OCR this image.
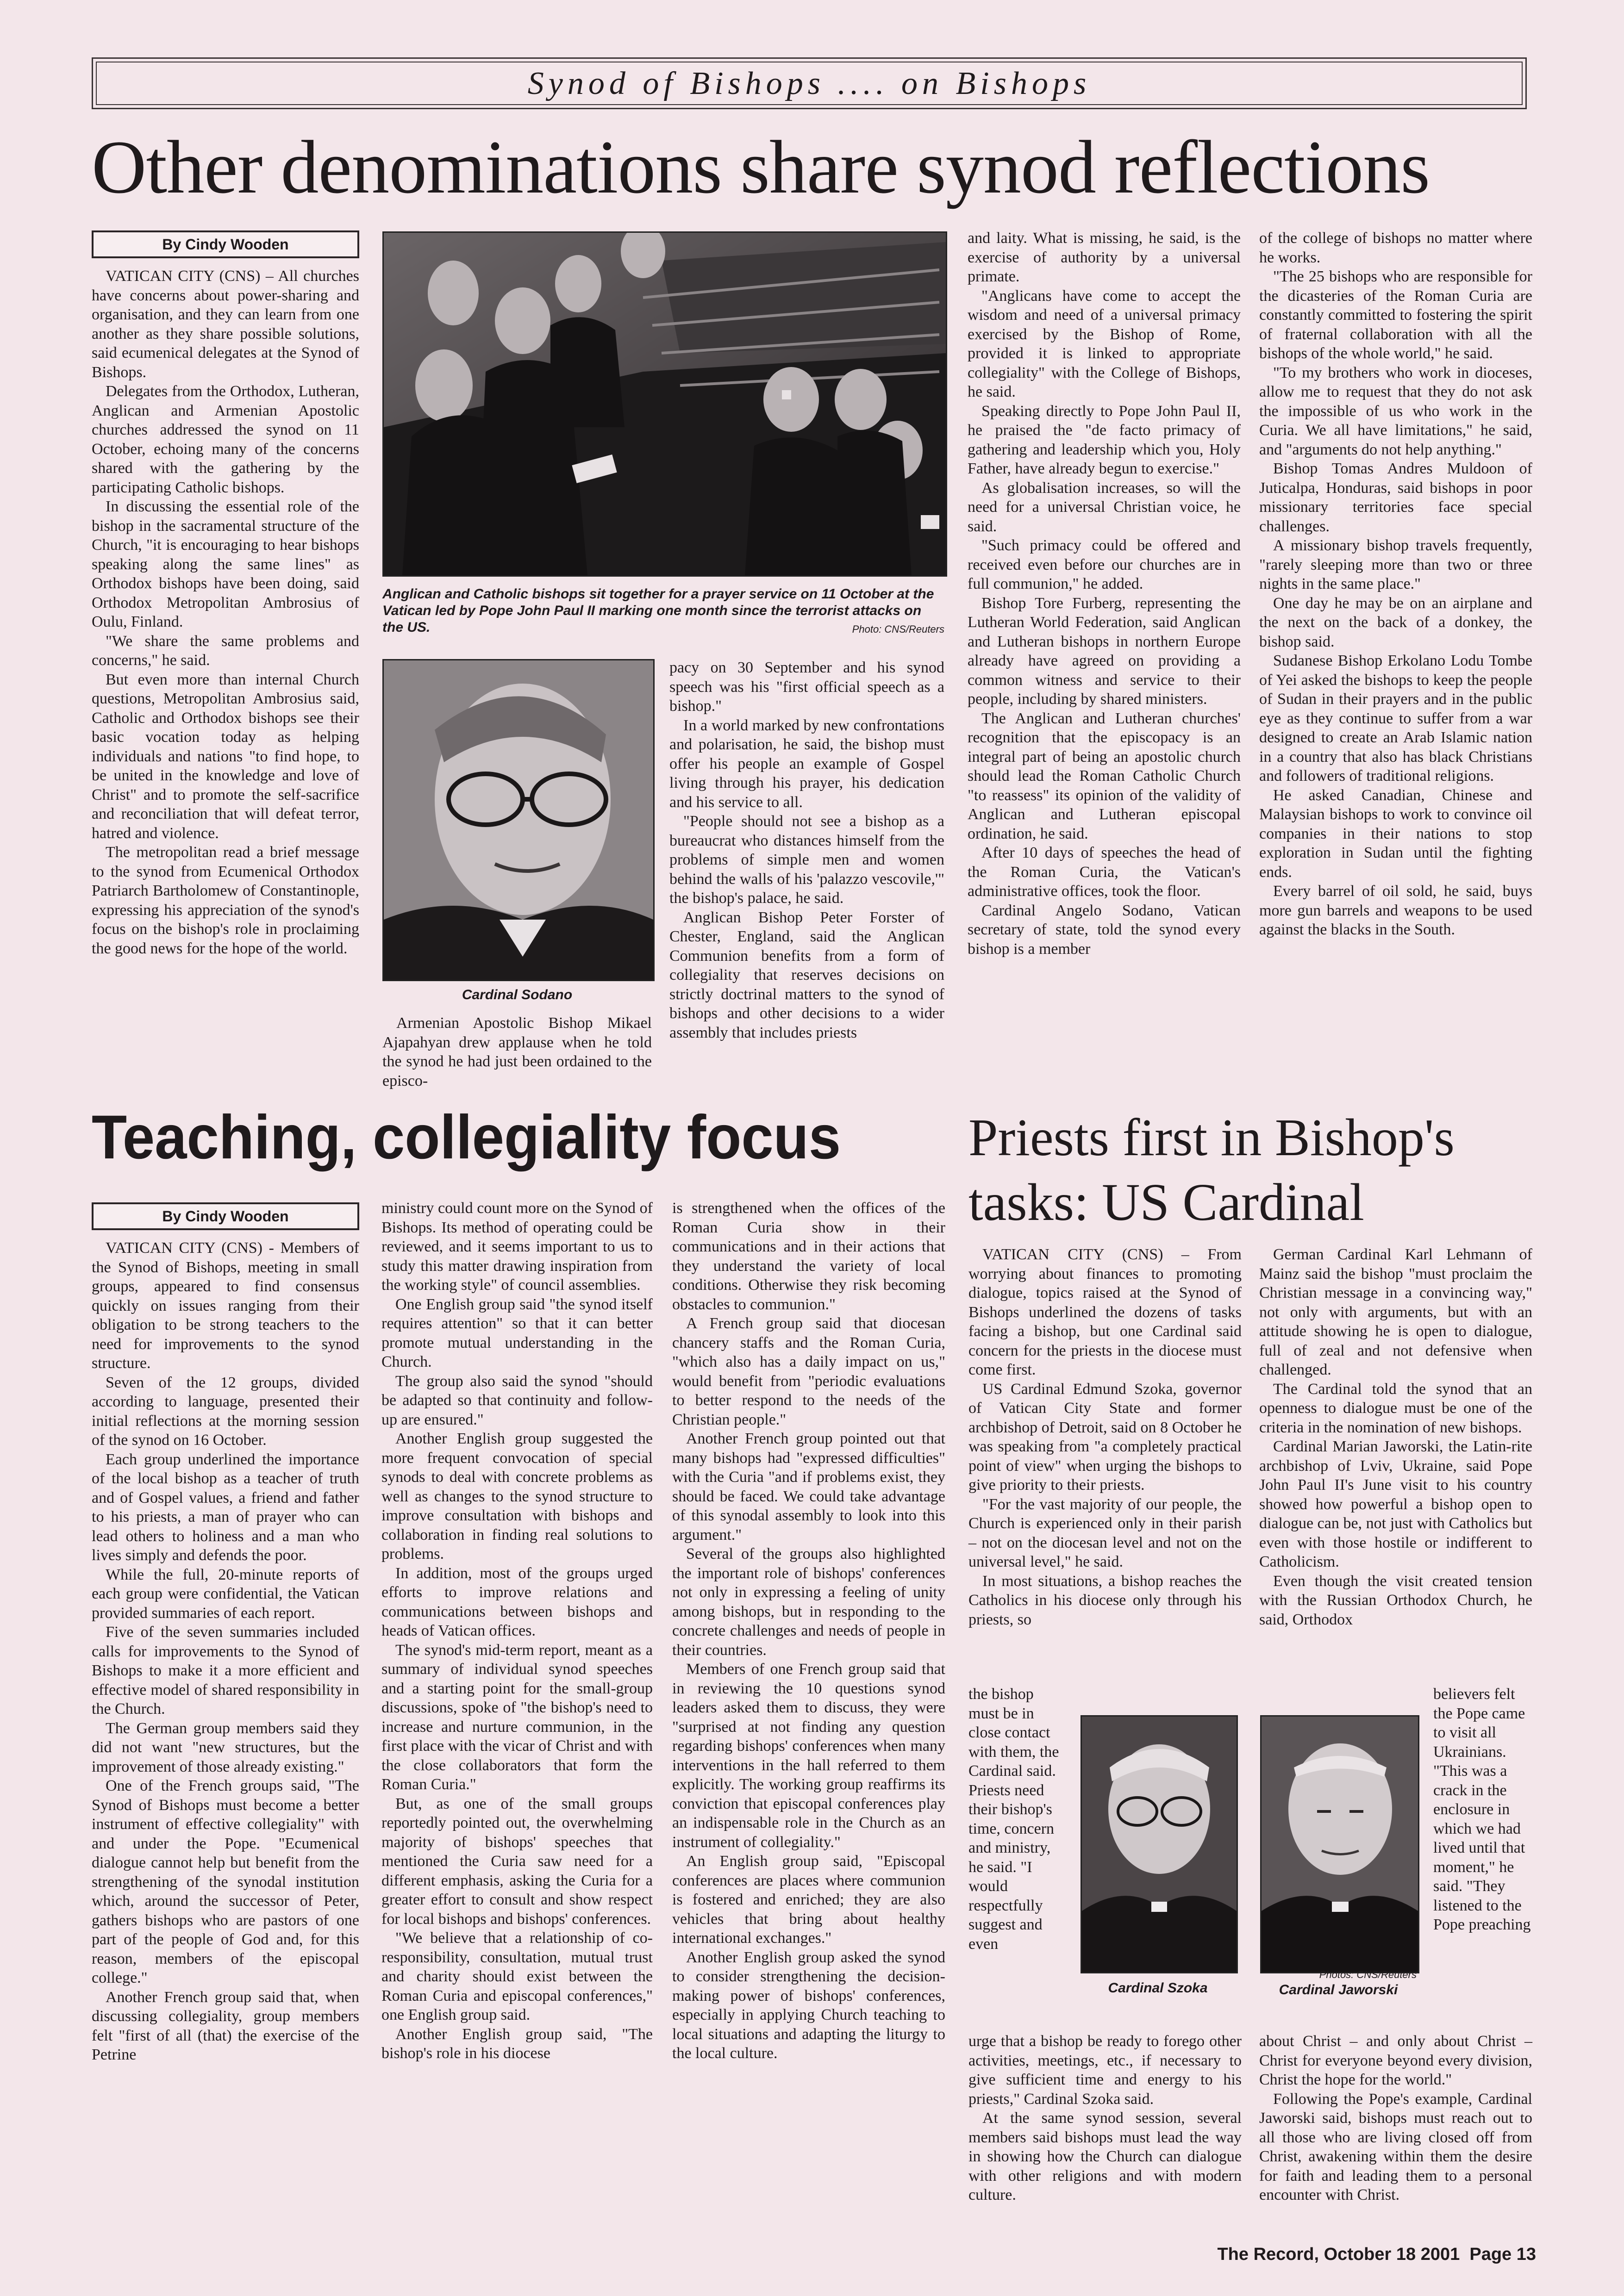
Synod of Bishops .... on Bishops
Other denominations share synod reflections
By Cindy Wooden

VATICAN CITY (CNS) – All churches have concerns about power-sharing and organisation, and they can learn from one another as they share possible solutions, said ecumenical delegates at the Synod of Bishops.

Delegates from the Orthodox, Lutheran, Anglican and Armenian Apostolic churches addressed the synod on 11 October, echoing many of the concerns shared with the gathering by the participating Catholic bishops.

In discussing the essential role of the bishop in the sacramental structure of the Church, "it is encouraging to hear bishops speaking along the same lines" as Orthodox bishops have been doing, said Orthodox Metropolitan Ambrosius of Oulu, Finland.

"We share the same problems and concerns," he said.

But even more than internal Church questions, Metropolitan Ambrosius said, Catholic and Orthodox bishops see their basic vocation today as helping individuals and nations "to find hope, to be united in the knowledge and love of Christ" and to promote the self-sacrifice and reconciliation that will defeat terror, hatred and violence.

The metropolitan read a brief message to the synod from Ecumenical Orthodox Patriarch Bartholomew of Constantinople, expressing his appreciation of the synod's focus on the bishop's role in proclaiming the good news for the hope of the world.

Anglican and Catholic bishops sit together for a prayer service on 11 October at the Vatican led by Pope John Paul II marking one month since the terrorist attacks on the US.	Photo: CNS/Reuters
Cardinal Sodano

Armenian Apostolic Bishop Mikael Ajapahyan drew applause when he told the synod he had just been ordained to the episco-

pacy on 30 September and his synod speech was his "first official speech as a bishop."

In a world marked by new confrontations and polarisation, he said, the bishop must offer his people an example of Gospel living through his prayer, his dedication and his service to all.

"People should not see a bishop as a bureaucrat who distances himself from the problems of simple men and women behind the walls of his 'palazzo vescovile,'" the bishop's palace, he said.

Anglican Bishop Peter Forster of Chester, England, said the Anglican Communion benefits from a form of collegiality that reserves decisions on strictly doctrinal matters to the synod of bishops and other decisions to a wider assembly that includes priests

and laity. What is missing, he said, is the exercise of authority by a universal primate.

"Anglicans have come to accept the wisdom and need of a universal primacy exercised by the Bishop of Rome, provided it is linked to appropriate collegiality" with the College of Bishops, he said.

Speaking directly to Pope John Paul II, he praised the "de facto primacy of gathering and leadership which you, Holy Father, have already begun to exercise."

As globalisation increases, so will the need for a universal Christian voice, he said.

"Such primacy could be offered and received even before our churches are in full communion," he added.

Bishop Tore Furberg, representing the Lutheran World Federation, said Anglican and Lutheran bishops in northern Europe already have agreed on providing a common witness and service to their people, including by shared ministers.

The Anglican and Lutheran churches' recognition that the episcopacy is an integral part of being an apostolic church should lead the Roman Catholic Church "to reassess" its opinion of the validity of Anglican and Lutheran episcopal ordination, he said.

After 10 days of speeches the head of the Roman Curia, the Vatican's administrative offices, took the floor.

Cardinal Angelo Sodano, Vatican secretary of state, told the synod every bishop is a member

of the college of bishops no matter where he works.

"The 25 bishops who are responsible for the dicasteries of the Roman Curia are constantly committed to fostering the spirit of fraternal collaboration with all the bishops of the whole world," he said.

"To my brothers who work in dioceses, allow me to request that they do not ask the impossible of us who work in the Curia. We all have limitations," he said, and "arguments do not help anything."

Bishop Tomas Andres Muldoon of Juticalpa, Honduras, said bishops in poor missionary territories face special challenges.

A missionary bishop travels frequently, "rarely sleeping more than two or three nights in the same place."

One day he may be on an airplane and the next on the back of a donkey, the bishop said.

Sudanese Bishop Erkolano Lodu Tombe of Yei asked the bishops to keep the people of Sudan in their prayers and in the public eye as they continue to suffer from a war designed to create an Arab Islamic nation in a country that also has black Christians and followers of traditional religions.

He asked Canadian, Chinese and Malaysian bishops to work to convince oil companies in their nations to stop exploration in Sudan until the fighting ends.

Every barrel of oil sold, he said, buys more gun barrels and weapons to be used against the blacks in the South.

Teaching, collegiality focus
By Cindy Wooden

VATICAN CITY (CNS) - Members of the Synod of Bishops, meeting in small groups, appeared to find consensus quickly on issues ranging from their obligation to be strong teachers to the need for improvements to the synod structure.

Seven of the 12 groups, divided according to language, presented their initial reflections at the morning session of the synod on 16 October.

Each group underlined the importance of the local bishop as a teacher of truth and of Gospel values, a friend and father to his priests, a man of prayer who can lead others to holiness and a man who lives simply and defends the poor.

While the full, 20-minute reports of each group were confidential, the Vatican provided summaries of each report.

Five of the seven summaries included calls for improvements to the Synod of Bishops to make it a more efficient and effective model of shared responsibility in the Church.

The German group members said they did not want "new structures, but the improvement of those already existing."

One of the French groups said, "The Synod of Bishops must become a better instrument of effective collegiality" with and under the Pope. "Ecumenical dialogue cannot help but benefit from the strengthening of the synodal institution which, around the successor of Peter, gathers bishops who are pastors of one part of the people of God and, for this reason, members of the episcopal college."

Another French group said that, when discussing collegiality, group members felt "first of all (that) the exercise of the Petrine

ministry could count more on the Synod of Bishops. Its method of operating could be reviewed, and it seems important to us to study this matter drawing inspiration from the working style" of council assemblies.

One English group said "the synod itself requires attention" so that it can better promote mutual understanding in the Church.

The group also said the synod "should be adapted so that continuity and follow-up are ensured."

Another English group suggested the more frequent convocation of special synods to deal with concrete problems as well as changes to the synod structure to improve consultation with bishops and collaboration in finding real solutions to problems.

In addition, most of the groups urged efforts to improve relations and communications between bishops and heads of Vatican offices.

The synod's mid-term report, meant as a summary of individual synod speeches and a starting point for the small-group discussions, spoke of "the bishop's need to increase and nurture communion, in the first place with the vicar of Christ and with the close collaborators that form the Roman Curia."

But, as one of the small groups reportedly pointed out, the overwhelming majority of bishops' speeches that mentioned the Curia saw need for a different emphasis, asking the Curia for a greater effort to consult and show respect for local bishops and bishops' conferences.

"We believe that a relationship of co-responsibility, consultation, mutual trust and charity should exist between the Roman Curia and episcopal conferences," one English group said.

Another English group said, "The bishop's role in his diocese

is strengthened when the offices of the Roman Curia show in their communications and in their actions that they understand the variety of local conditions. Otherwise they risk becoming obstacles to communion."

A French group said that diocesan chancery staffs and the Roman Curia, "which also has a daily impact on us," would benefit from "periodic evaluations to better respond to the needs of the Christian people."

Another French group pointed out that many bishops had "expressed difficulties" with the Curia "and if problems exist, they should be faced. We could take advantage of this synodal assembly to look into this argument."

Several of the groups also highlighted the important role of bishops' conferences not only in expressing a feeling of unity among bishops, but in responding to the concrete challenges and needs of people in their countries.

Members of one French group said that in reviewing the 10 questions synod leaders asked them to discuss, they were "surprised at not finding any question regarding bishops' conferences when many interventions in the hall referred to them explicitly. The working group reaffirms its conviction that episcopal conferences play an indispensable role in the Church as an instrument of collegiality."

An English group said, "Episcopal conferences are places where communion is fostered and enriched; they are also vehicles that bring about healthy international exchanges."

Another English group asked the synod to consider strengthening the decision-making power of bishops' conferences, especially in applying Church teaching to local situations and adapting the liturgy to the local culture.

Priests first in Bishop's
tasks: US Cardinal

VATICAN CITY (CNS) – From worrying about finances to promoting dialogue, topics raised at the Synod of Bishops underlined the dozens of tasks facing a bishop, but one Cardinal said concern for the priests in the diocese must come first.

US Cardinal Edmund Szoka, governor of Vatican City State and former archbishop of Detroit, said on 8 October he was speaking from "a completely practical point of view" when urging the bishops to give priority to their priests.

"For the vast majority of our people, the Church is experienced only in their parish – not on the diocesan level and not on the universal level," he said.

In most situations, a bishop reaches the Catholics in his diocese only through his priests, so

the bishop must be in close contact with them, the Cardinal said. Priests need their bishop's time, concern and ministry, he said. "I would respectfully suggest and even

urge that a bishop be ready to forego other activities, meetings, etc., if necessary to give sufficient time and energy to his priests," Cardinal Szoka said.

At the same synod session, several members said bishops must lead the way in showing how the Church can dialogue with other religions and with modern culture.

Cardinal Szoka

German Cardinal Karl Lehmann of Mainz said the bishop "must proclaim the Christian message in a convincing way," not only with arguments, but with an attitude showing he is open to dialogue, full of zeal and not defensive when challenged.

The Cardinal told the synod that an openness to dialogue must be one of the criteria in the nomination of new bishops.

Cardinal Marian Jaworski, the Latin-rite archbishop of Lviv, Ukraine, said Pope John Paul II's June visit to his country showed how powerful a bishop open to dialogue can be, not just with Catholics but even with those hostile or indifferent to Catholicism.

Even though the visit created tension with the Russian Orthodox Church, he said, Orthodox

Photos: CNS/Reuters
Cardinal Jaworski

believers felt the Pope came to visit all Ukrainians. "This was a crack in the enclosure in which we had lived until that moment," he said. "They listened to the Pope preaching

about Christ – and only about Christ – Christ for everyone beyond every division, Christ the hope for the world."

Following the Pope's example, Cardinal Jaworski said, bishops must reach out to all those who are living closed off from Christ, awakening within them the desire for faith and leading them to a personal encounter with Christ.

The Record, October 18 2001  Page 13
